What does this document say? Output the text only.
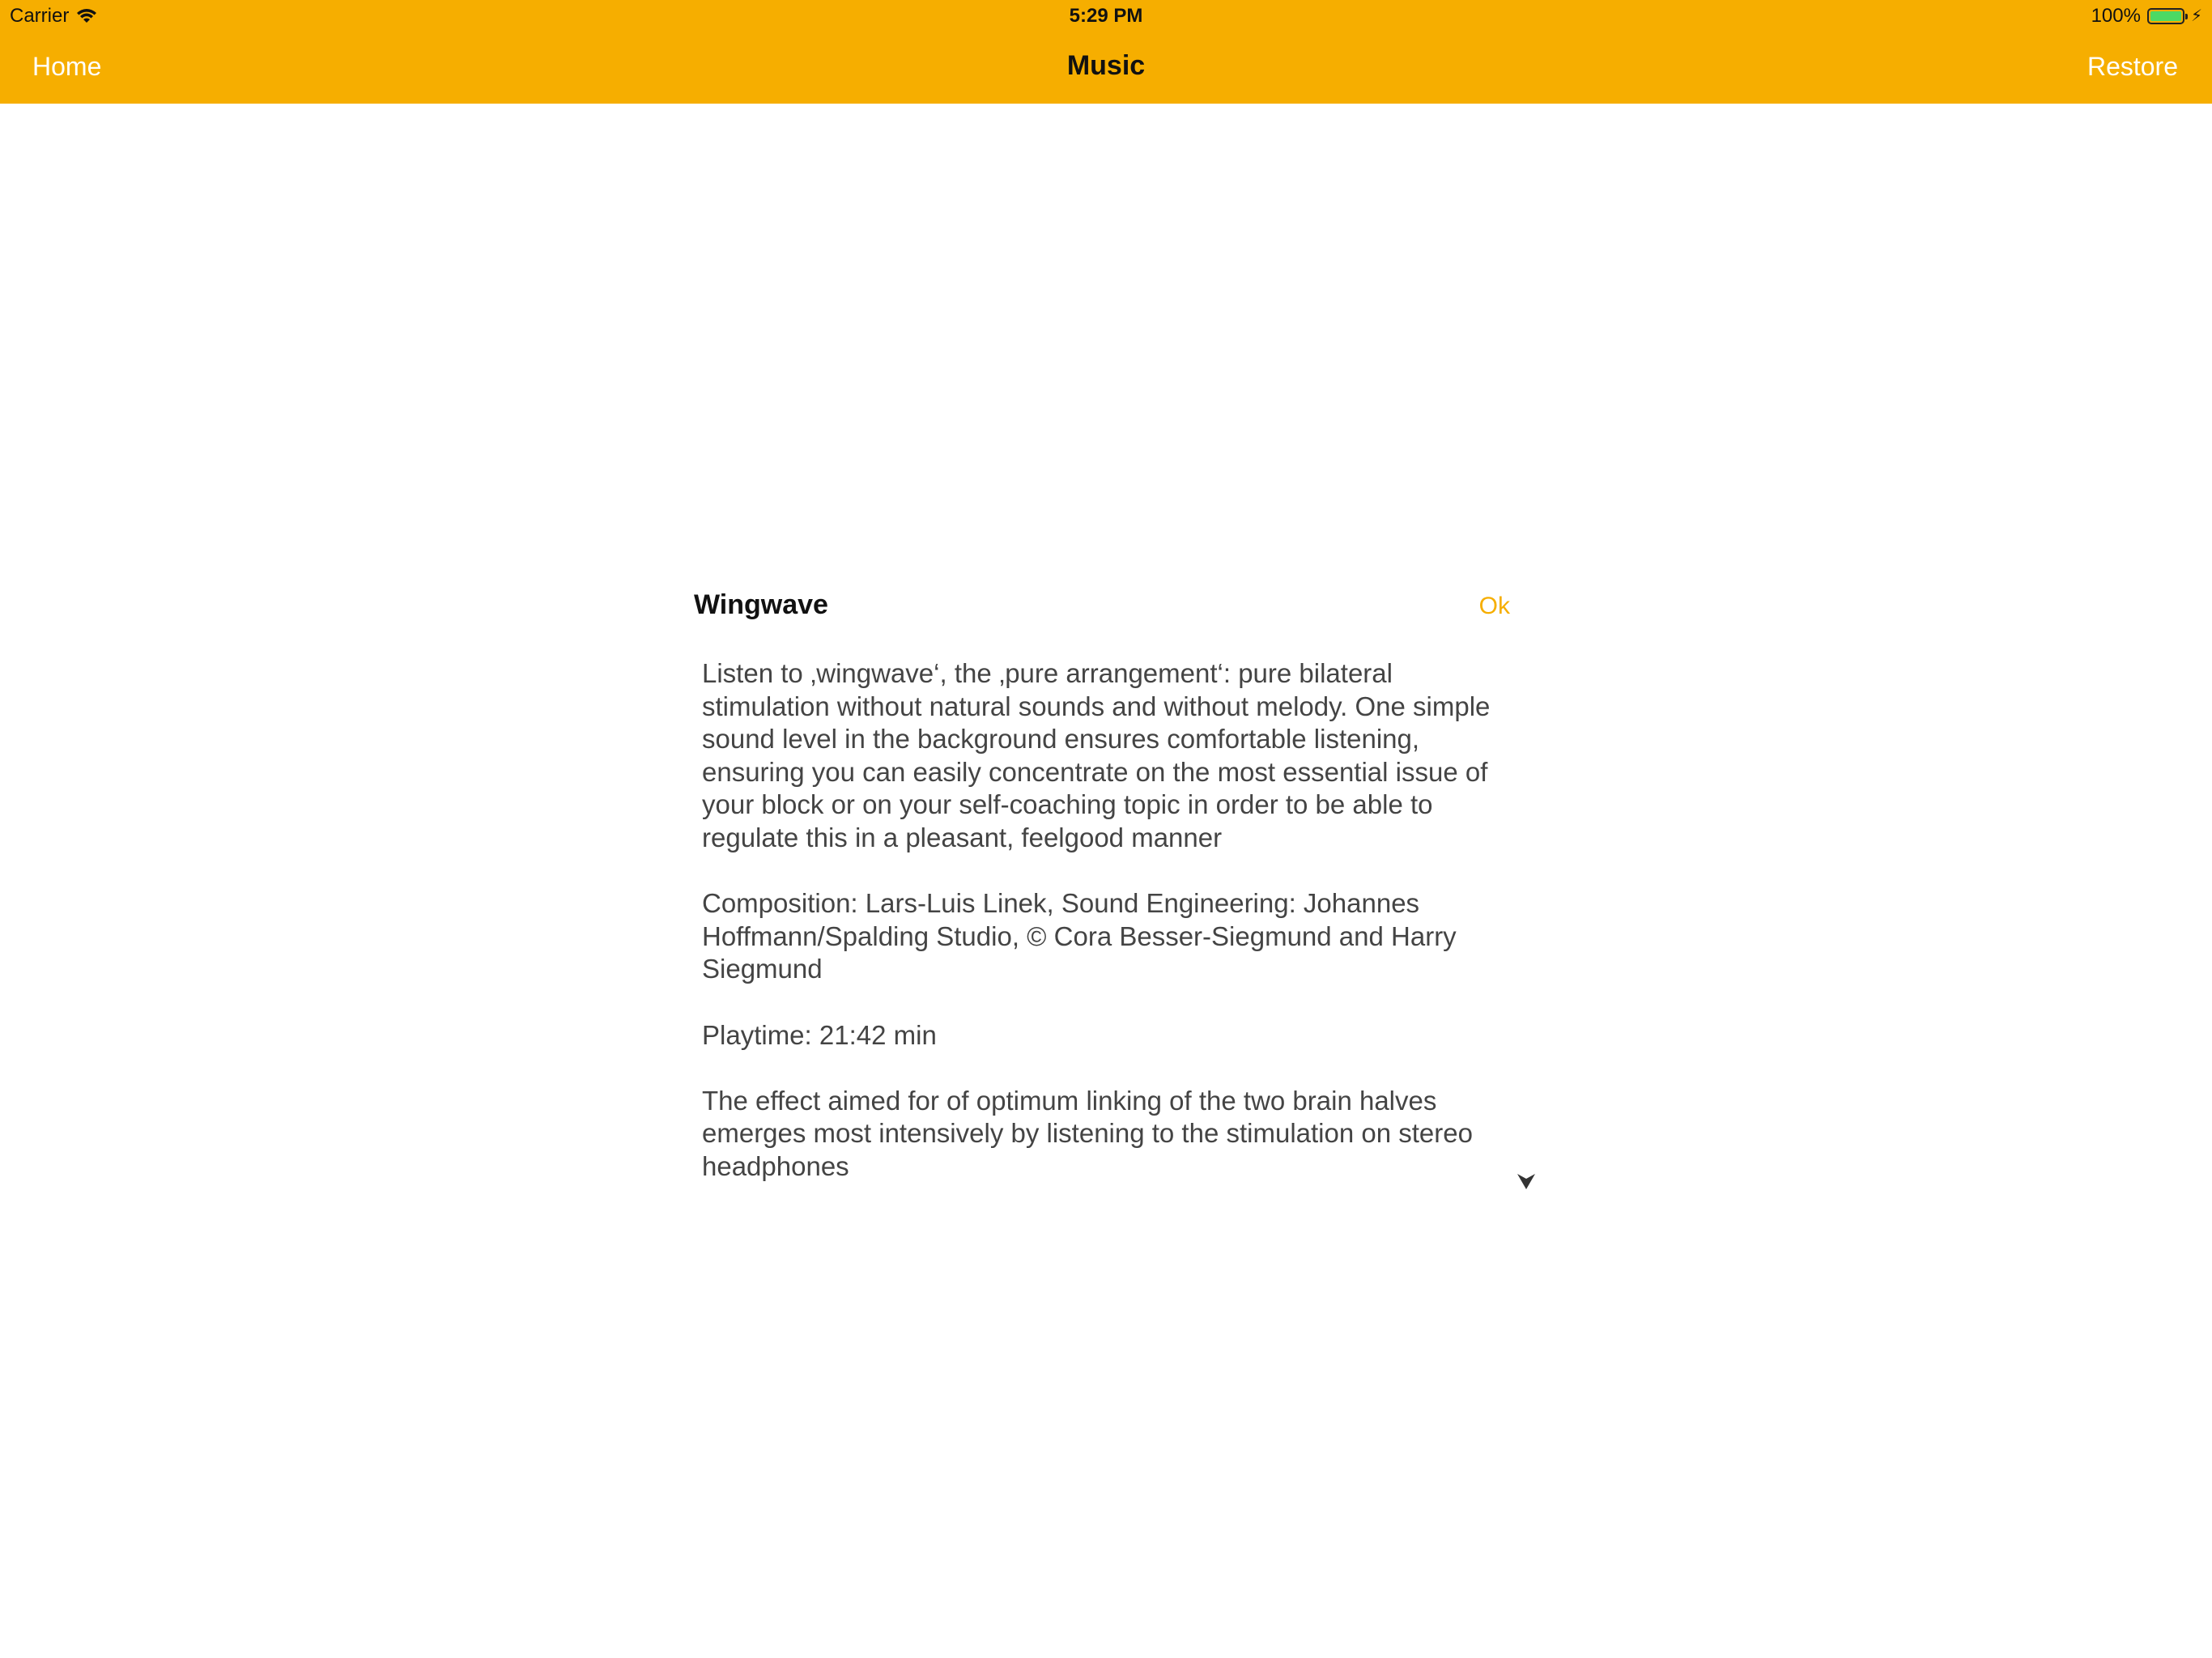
Carrier	5:29 PM	100%	⚡
Home	Music	Restore
Wingwave	Ok

Listen to ‚wingwave‘, the ‚pure arrangement‘: pure bilateral stimulation without natural sounds and without melody. One simple sound level in the background ensures comfortable listening, ensuring you can easily concentrate on the most essential issue of your block or on your self-coaching topic in order to be able to regulate this in a pleasant, feelgood manner

Composition: Lars-Luis Linek, Sound Engineering: Johannes Hoffmann/Spalding Studio, © Cora Besser-Siegmund and Harry Siegmund

Playtime: 21:42 min

The effect aimed for of optimum linking of the two brain halves emerges most intensively by listening to the stimulation on stereo headphones
